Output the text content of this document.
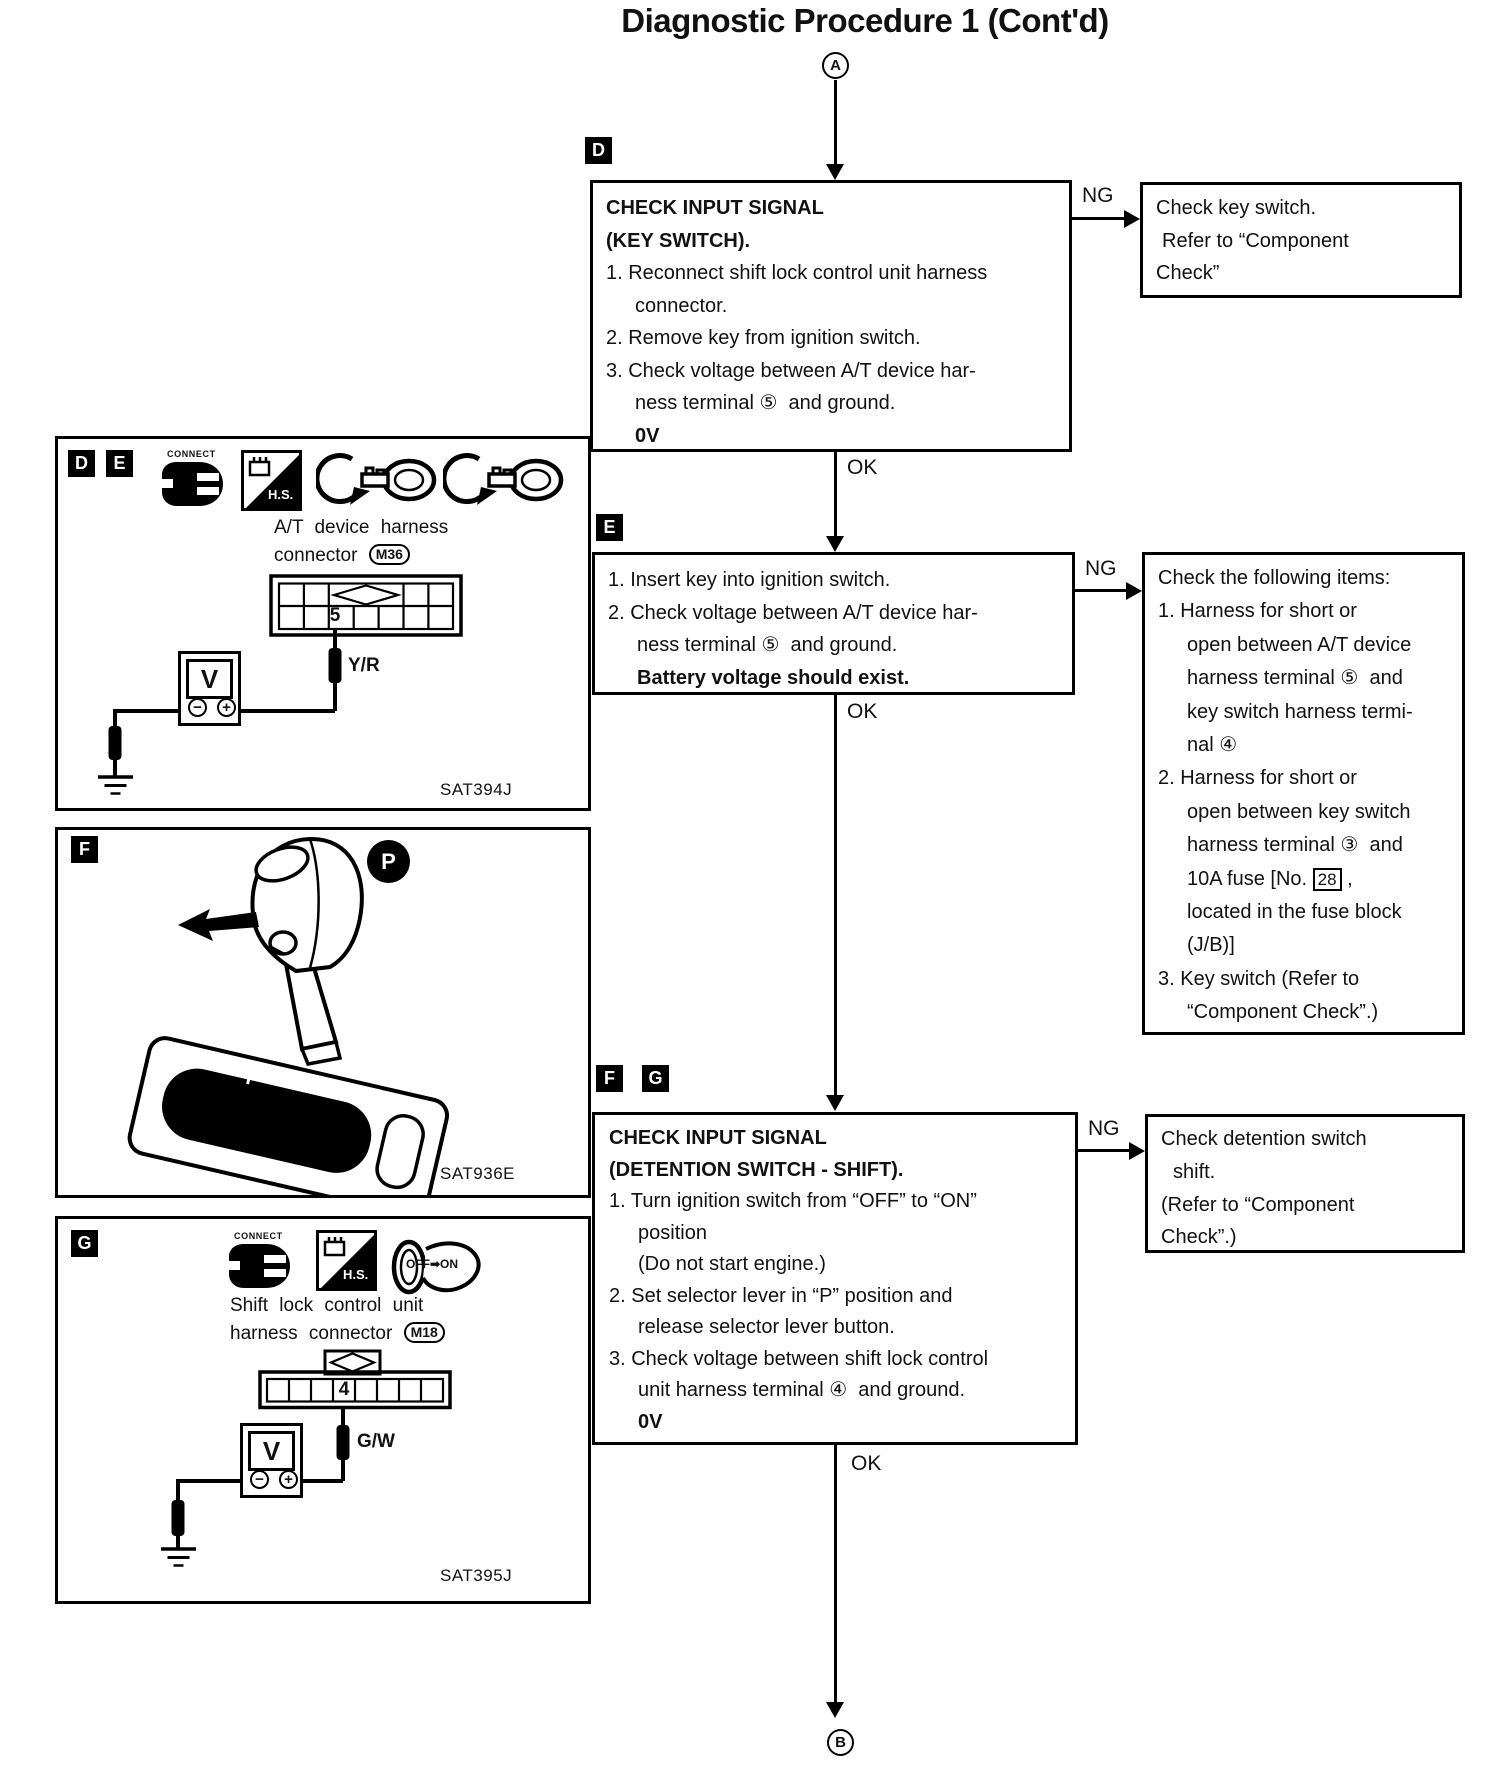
Diagnostic Procedure 1 (Cont'd)
A
D
CHECK INPUT SIGNAL
(KEY SWITCH).
1. Reconnect shift lock control unit harness
connector.
2. Remove key from ignition switch.
3. Check voltage between A/T device har-
ness terminal ⑤  and ground.
0V
NG
Check key switch.
Refer to “Component
Check”
OK
E
1. Insert key into ignition switch.
2. Check voltage between A/T device har-
ness terminal ⑤  and ground.
Battery voltage should exist.
NG Check the following items:
1. Harness for short or
open between A/T device
harness terminal ⑤  and
key switch harness termi-
nal ④
2. Harness for short or
open between key switch
harness terminal ③  and
10A fuse [No. 28 ,
located in the fuse block
(J/B)]
3. Key switch (Refer to
“Component Check”.)
OK
F G
CHECK INPUT SIGNAL
(DETENTION SWITCH - SHIFT).
1. Turn ignition switch from “OFF” to “ON”
position
(Do not start engine.)
2. Set selector lever in “P” position and
release selector lever button.
3. Check voltage between shift lock control
unit harness terminal ④  and ground.
0V
NG Check detention switch
shift.
(Refer to “Component
Check”.)
OK
B
D E	CONNECT
H.S.
A/T device harness
connector M36
5
Y/R
V
−	+
SAT394J
F	P
P
SAT936E
G	CONNECT
H.S.
OFF➡ON
Shift lock control unit
harness connector M18
4
G/W
V
−	+
SAT395J
